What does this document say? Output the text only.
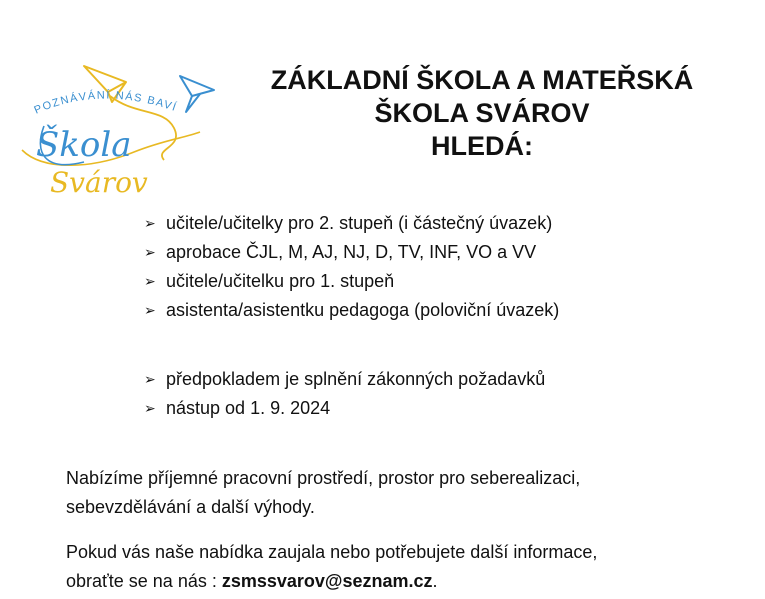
POZNÁVÁNÍ NÁS BAVÍ
Škola
Svárov
ZÁKLADNÍ ŠKOLA A MATEŘSKÁ
ŠKOLA SVÁROV
HLEDÁ:
➢ učitele/učitelky pro 2. stupeň (i částečný úvazek)
➢ aprobace ČJL, M, AJ, NJ, D, TV, INF, VO a VV
➢ učitele/učitelku pro 1. stupeň
➢ asistenta/asistentku pedagoga (poloviční úvazek)
➢ předpokladem je splnění zákonných požadavků
➢ nástup od 1. 9. 2024

Nabízíme příjemné pracovní prostředí, prostor pro seberealizaci,
sebevzdělávání a další výhody.

Pokud vás naše nabídka zaujala nebo potřebujete další informace,
obraťte se na nás : zsmssvarov@seznam.cz.
